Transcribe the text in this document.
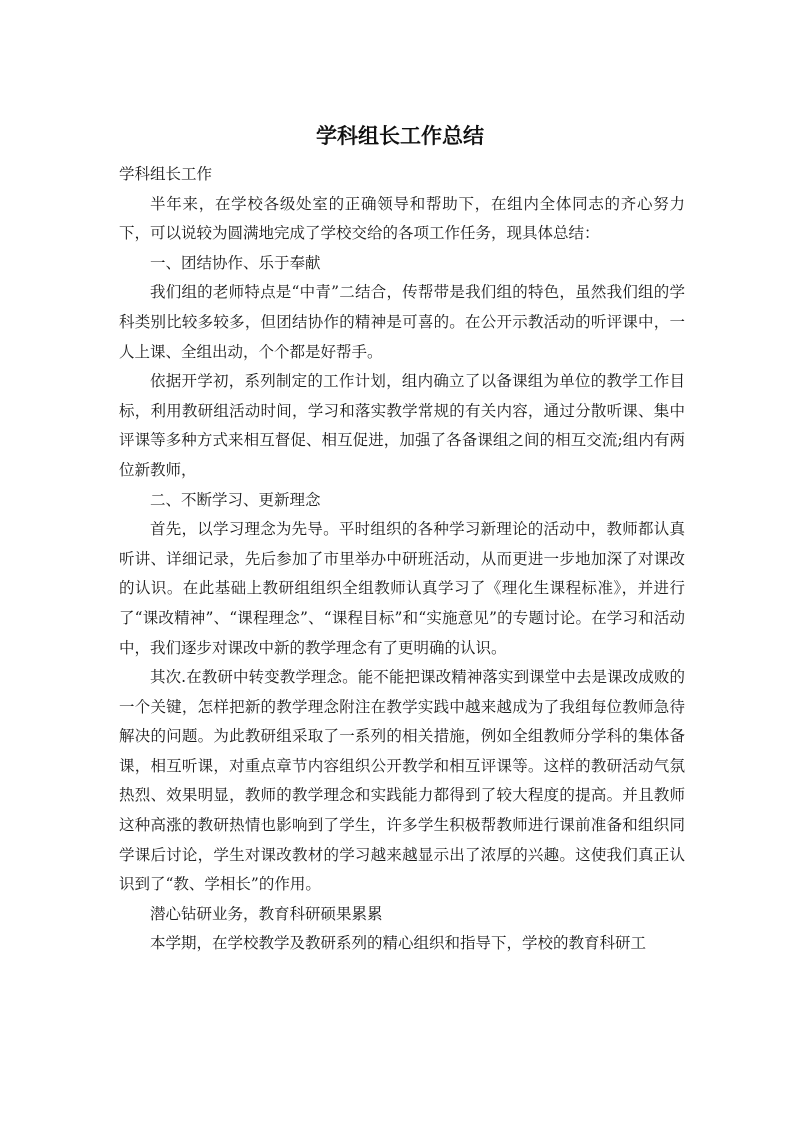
学科组长工作总结

学科组长工作

半年来，在学校各级处室的正确领导和帮助下，在组内全体同志的齐心努力下，可以说较为圆满地完成了学校交给的各项工作任务，现具体总结：

一、团结协作、乐于奉献

我们组的老师特点是“中青”二结合，传帮带是我们组的特色，虽然我们组的学科类别比较多较多，但团结协作的精神是可喜的。在公开示教活动的听评课中，一人上课、全组出动，个个都是好帮手。

依据开学初，系列制定的工作计划，组内确立了以备课组为单位的教学工作目标，利用教研组活动时间，学习和落实教学常规的有关内容，通过分散听课、集中评课等多种方式来相互督促、相互促进，加强了各备课组之间的相互交流;组内有两位新教师，

二、不断学习、更新理念

首先，以学习理念为先导。平时组织的各种学习新理论的活动中，教师都认真听讲、详细记录，先后参加了市里举办中研班活动，从而更进一步地加深了对课改的认识。在此基础上教研组组织全组教师认真学习了《理化生课程标准》，并进行了“课改精神”、“课程理念”、“课程目标”和“实施意见”的专题讨论。在学习和活动中，我们逐步对课改中新的教学理念有了更明确的认识。

其次.在教研中转变教学理念。能不能把课改精神落实到课堂中去是课改成败的一个关键，怎样把新的教学理念附注在教学实践中越来越成为了我组每位教师急待解决的问题。为此教研组采取了一系列的相关措施，例如全组教师分学科的集体备课，相互听课，对重点章节内容组织公开教学和相互评课等。这样的教研活动气氛热烈、效果明显，教师的教学理念和实践能力都得到了较大程度的提高。并且教师这种高涨的教研热情也影响到了学生，许多学生积极帮教师进行课前准备和组织同学课后讨论，学生对课改教材的学习越来越显示出了浓厚的兴趣。这使我们真正认识到了“教、学相长”的作用。

潜心钻研业务，教育科研硕果累累

本学期，在学校教学及教研系列的精心组织和指导下，学校的教育科研工
